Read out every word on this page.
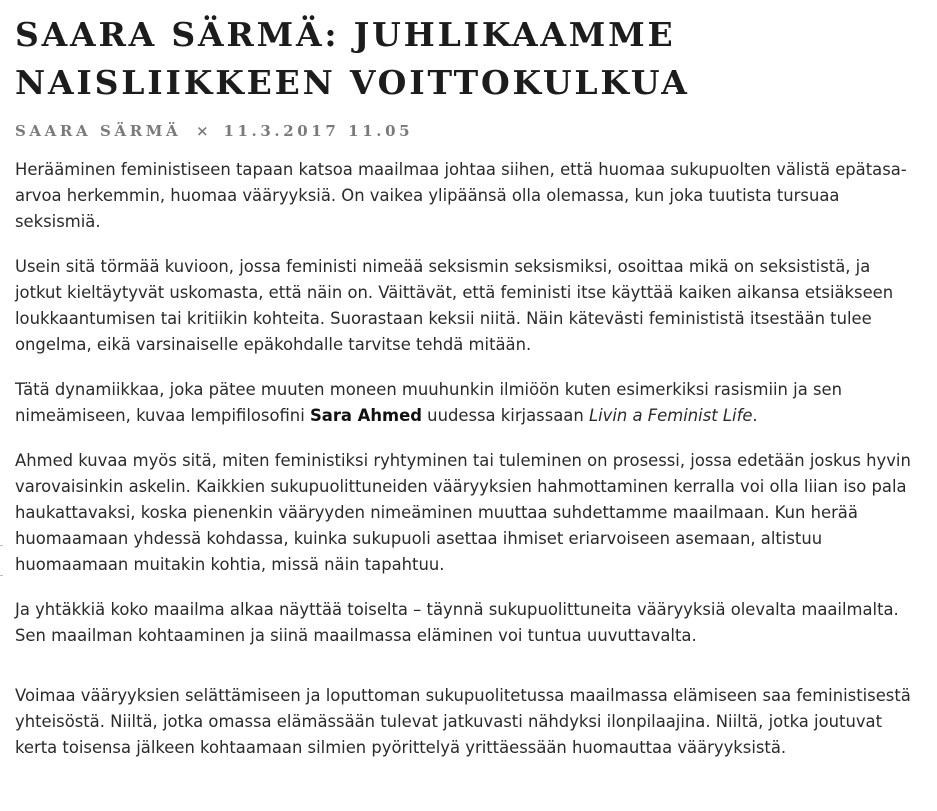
SAARA SÄRMÄ: JUHLIKAAMME NAISLIIKKEEN VOITTOKULKUA
SAARA SÄRMÄ × 11.3.2017 11.05

Herääminen feministiseen tapaan katsoa maailmaa johtaa siihen, että huomaa sukupuolten välistä epätasa-arvoa herkemmin, huomaa vääryyksiä. On vaikea ylipäänsä olla olemassa, kun joka tuutista tursuaa seksismiä.

Usein sitä törmää kuvioon, jossa feministi nimeää seksismin seksismiksi, osoittaa mikä on seksististä, ja jotkut kieltäytyvät uskomasta, että näin on. Väittävät, että feministi itse käyttää kaiken aikansa etsiäkseen loukkaantumisen tai kritiikin kohteita. Suorastaan keksii niitä. Näin kätevästi feminististä itsestään tulee ongelma, eikä varsinaiselle epäkohdalle tarvitse tehdä mitään.

Tätä dynamiikkaa, joka pätee muuten moneen muuhunkin ilmiöön kuten esimerkiksi rasismiin ja sen nimeämiseen, kuvaa lempifilosofini Sara Ahmed uudessa kirjassaan Livin a Feminist Life.

Ahmed kuvaa myös sitä, miten feministiksi ryhtyminen tai tuleminen on prosessi, jossa edetään joskus hyvin varovaisinkin askelin. Kaikkien sukupuolittuneiden vääryyksien hahmottaminen kerralla voi olla liian iso pala haukattavaksi, koska pienenkin vääryyden nimeäminen muuttaa suhdettamme maailmaan. Kun herää huomaamaan yhdessä kohdassa, kuinka sukupuoli asettaa ihmiset eriarvoiseen asemaan, altistuu huomaamaan muitakin kohtia, missä näin tapahtuu.

Ja yhtäkkiä koko maailma alkaa näyttää toiselta – täynnä sukupuolittuneita vääryyksiä olevalta maailmalta. Sen maailman kohtaaminen ja siinä maailmassa eläminen voi tuntua uuvuttavalta.

Voimaa vääryyksien selättämiseen ja loputtoman sukupuolitetussa maailmassa elämiseen saa feministisestä yhteisöstä. Niiltä, jotka omassa elämässään tulevat jatkuvasti nähdyksi ilonpilaajina. Niiltä, jotka joutuvat kerta toisensa jälkeen kohtaamaan silmien pyörittelyä yrittäessään huomauttaa vääryyksistä.
